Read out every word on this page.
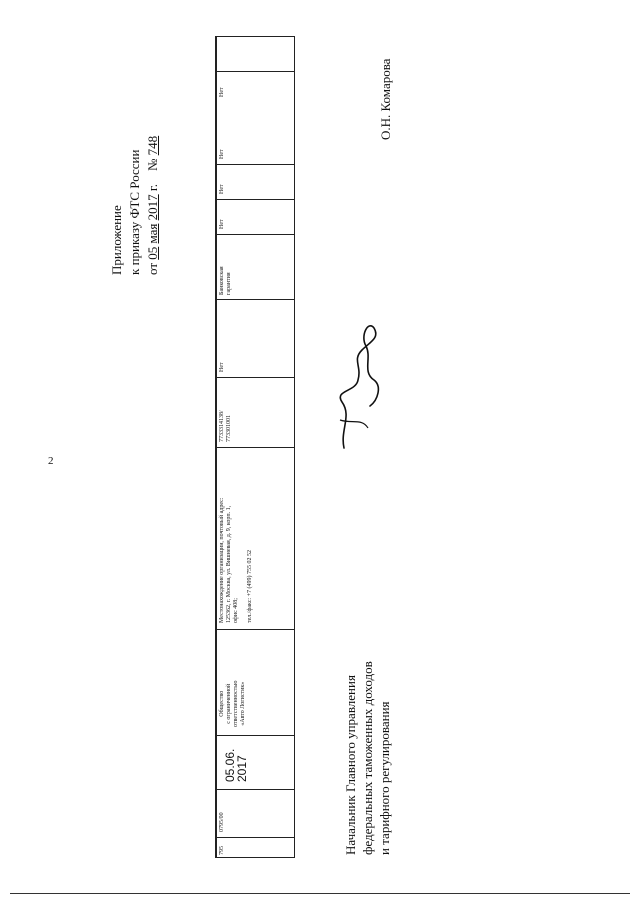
2
Приложение к приказу ФТС России от 05 мая 2017 г.    № 748
795
0795/00
05.06.
2017
Общество с ограниченной ответственностью «Авто Логистик»
Местонахождение организации, почтовый адрес: 125362, г. Москва, ул. Вишневая, д. 9, корп. 1, офис 408;
тел./факс: +7 (499) 755 02 52
7733314138/ 773301001
Нет
Банковская гарантия
Нет
Нет
Нет
Нет
Начальник Главного управления федеральных таможенных доходов и тарифного регулирования
О.Н. Комарова
